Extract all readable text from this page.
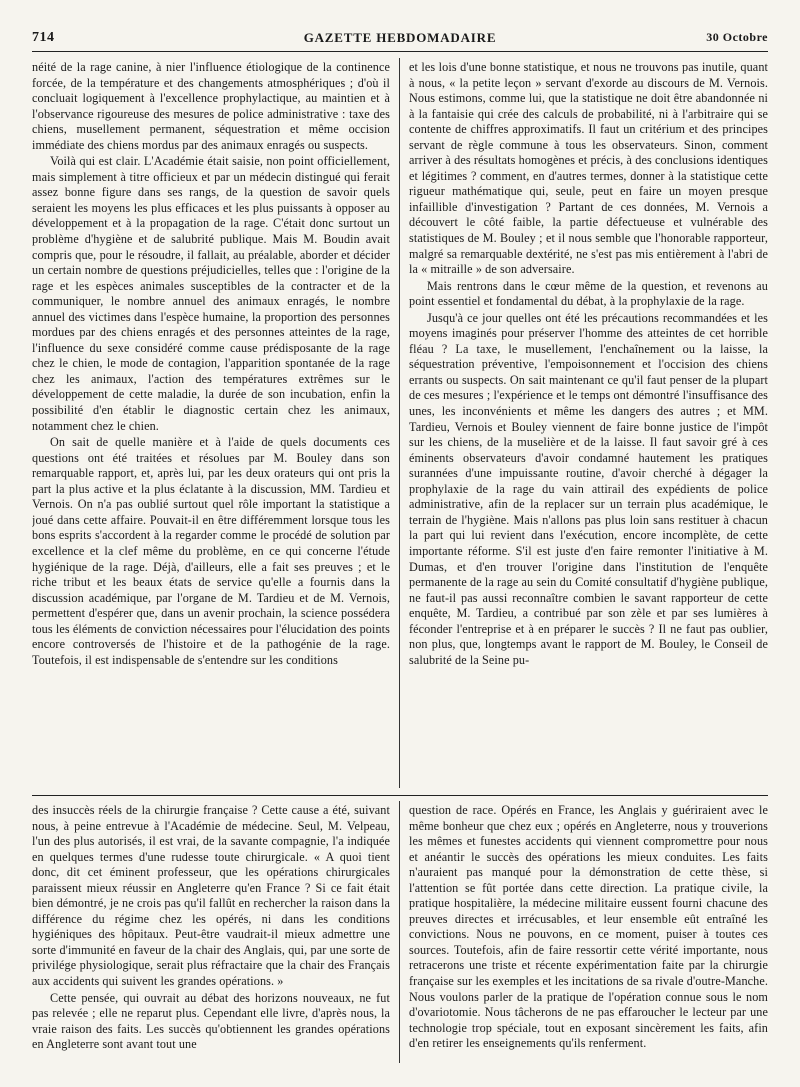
714	GAZETTE HEBDOMADAIRE	30 Octobre

néité de la rage canine, à nier l'influence étiologique de la continence forcée, de la température et des changements atmosphériques ; d'où il concluait logiquement à l'excellence prophylactique, au maintien et à l'observance rigoureuse des mesures de police administrative : taxe des chiens, musellement permanent, séquestration et même occision immédiate des chiens mordus par des animaux enragés ou suspects.

Voilà qui est clair. L'Académie était saisie, non point officiellement, mais simplement à titre officieux et par un médecin distingué qui ferait assez bonne figure dans ses rangs, de la question de savoir quels seraient les moyens les plus efficaces et les plus puissants à opposer au développement et à la propagation de la rage. C'était donc surtout un problème d'hygiène et de salubrité publique. Mais M. Boudin avait compris que, pour le résoudre, il fallait, au préalable, aborder et décider un certain nombre de questions préjudicielles, telles que : l'origine de la rage et les espèces animales susceptibles de la contracter et de la communiquer, le nombre annuel des animaux enragés, le nombre annuel des victimes dans l'espèce humaine, la proportion des personnes mordues par des chiens enragés et des personnes atteintes de la rage, l'influence du sexe considéré comme cause prédisposante de la rage chez le chien, le mode de contagion, l'apparition spontanée de la rage chez les animaux, l'action des températures extrêmes sur le développement de cette maladie, la durée de son incubation, enfin la possibilité d'en établir le diagnostic certain chez les animaux, notamment chez le chien.

On sait de quelle manière et à l'aide de quels documents ces questions ont été traitées et résolues par M. Bouley dans son remarquable rapport, et, après lui, par les deux orateurs qui ont pris la part la plus active et la plus éclatante à la discussion, MM. Tardieu et Vernois. On n'a pas oublié surtout quel rôle important la statistique a joué dans cette affaire. Pouvait-il en être différemment lorsque tous les bons esprits s'accordent à la regarder comme le procédé de solution par excellence et la clef même du problème, en ce qui concerne l'étude hygiénique de la rage. Déjà, d'ailleurs, elle a fait ses preuves ; et le riche tribut et les beaux états de service qu'elle a fournis dans la discussion académique, par l'organe de M. Tardieu et de M. Vernois, permettent d'espérer que, dans un avenir prochain, la science possédera tous les éléments de conviction nécessaires pour l'élucidation des points encore controversés de l'histoire et de la pathogénie de la rage. Toutefois, il est indispensable de s'entendre sur les conditions

et les lois d'une bonne statistique, et nous ne trouvons pas inutile, quant à nous, « la petite leçon » servant d'exorde au discours de M. Vernois. Nous estimons, comme lui, que la statistique ne doit être abandonnée ni à la fantaisie qui crée des calculs de probabilité, ni à l'arbitraire qui se contente de chiffres approximatifs. Il faut un critérium et des principes servant de règle commune à tous les observateurs. Sinon, comment arriver à des résultats homogènes et précis, à des conclusions identiques et légitimes ? comment, en d'autres termes, donner à la statistique cette rigueur mathématique qui, seule, peut en faire un moyen presque infaillible d'investigation ? Partant de ces données, M. Vernois a découvert le côté faible, la partie défectueuse et vulnérable des statistiques de M. Bouley ; et il nous semble que l'honorable rapporteur, malgré sa remarquable dextérité, ne s'est pas mis entièrement à l'abri de la « mitraille » de son adversaire.

Mais rentrons dans le cœur même de la question, et revenons au point essentiel et fondamental du débat, à la prophylaxie de la rage.

Jusqu'à ce jour quelles ont été les précautions recommandées et les moyens imaginés pour préserver l'homme des atteintes de cet horrible fléau ? La taxe, le musellement, l'enchaînement ou la laisse, la séquestration préventive, l'empoisonnement et l'occision des chiens errants ou suspects. On sait maintenant ce qu'il faut penser de la plupart de ces mesures ; l'expérience et le temps ont démontré l'insuffisance des unes, les inconvénients et même les dangers des autres ; et MM. Tardieu, Vernois et Bouley viennent de faire bonne justice de l'impôt sur les chiens, de la muselière et de la laisse. Il faut savoir gré à ces éminents observateurs d'avoir condamné hautement les pratiques surannées d'une impuissante routine, d'avoir cherché à dégager la prophylaxie de la rage du vain attirail des expédients de police administrative, afin de la replacer sur un terrain plus académique, le terrain de l'hygiène. Mais n'allons pas plus loin sans restituer à chacun la part qui lui revient dans l'exécution, encore incomplète, de cette importante réforme. S'il est juste d'en faire remonter l'initiative à M. Dumas, et d'en trouver l'origine dans l'institution de l'enquête permanente de la rage au sein du Comité consultatif d'hygiène publique, ne faut-il pas aussi reconnaître combien le savant rapporteur de cette enquête, M. Tardieu, a contribué par son zèle et par ses lumières à féconder l'entreprise et à en préparer le succès ? Il ne faut pas oublier, non plus, que, longtemps avant le rapport de M. Bouley, le Conseil de salubrité de la Seine pu-

des insuccès réels de la chirurgie française ? Cette cause a été, suivant nous, à peine entrevue à l'Académie de médecine. Seul, M. Velpeau, l'un des plus autorisés, il est vrai, de la savante compagnie, l'a indiquée en quelques termes d'une rudesse toute chirurgicale. « A quoi tient donc, dit cet éminent professeur, que les opérations chirurgicales paraissent mieux réussir en Angleterre qu'en France ? Si ce fait était bien démontré, je ne crois pas qu'il fallût en rechercher la raison dans la différence du régime chez les opérés, ni dans les conditions hygiéniques des hôpitaux. Peut-être vaudrait-il mieux admettre une sorte d'immunité en faveur de la chair des Anglais, qui, par une sorte de privilége physiologique, serait plus réfractaire que la chair des Français aux accidents qui suivent les grandes opérations. »

Cette pensée, qui ouvrait au débat des horizons nouveaux, ne fut pas relevée ; elle ne reparut plus. Cependant elle livre, d'après nous, la vraie raison des faits. Les succès qu'obtiennent les grandes opérations en Angleterre sont avant tout une

question de race. Opérés en France, les Anglais y guériraient avec le même bonheur que chez eux ; opérés en Angleterre, nous y trouverions les mêmes et funestes accidents qui viennent compromettre pour nous et anéantir le succès des opérations les mieux conduites. Les faits n'auraient pas manqué pour la démonstration de cette thèse, si l'attention se fût portée dans cette direction. La pratique civile, la pratique hospitalière, la médecine militaire eussent fourni chacune des preuves directes et irrécusables, et leur ensemble eût entraîné les convictions. Nous ne pouvons, en ce moment, puiser à toutes ces sources. Toutefois, afin de faire ressortir cette vérité importante, nous retracerons une triste et récente expérimentation faite par la chirurgie française sur les exemples et les incitations de sa rivale d'outre-Manche. Nous voulons parler de la pratique de l'opération connue sous le nom d'ovariotomie. Nous tâcherons de ne pas effaroucher le lecteur par une technologie trop spéciale, tout en exposant sincèrement les faits, afin d'en retirer les enseignements qu'ils renferment.
